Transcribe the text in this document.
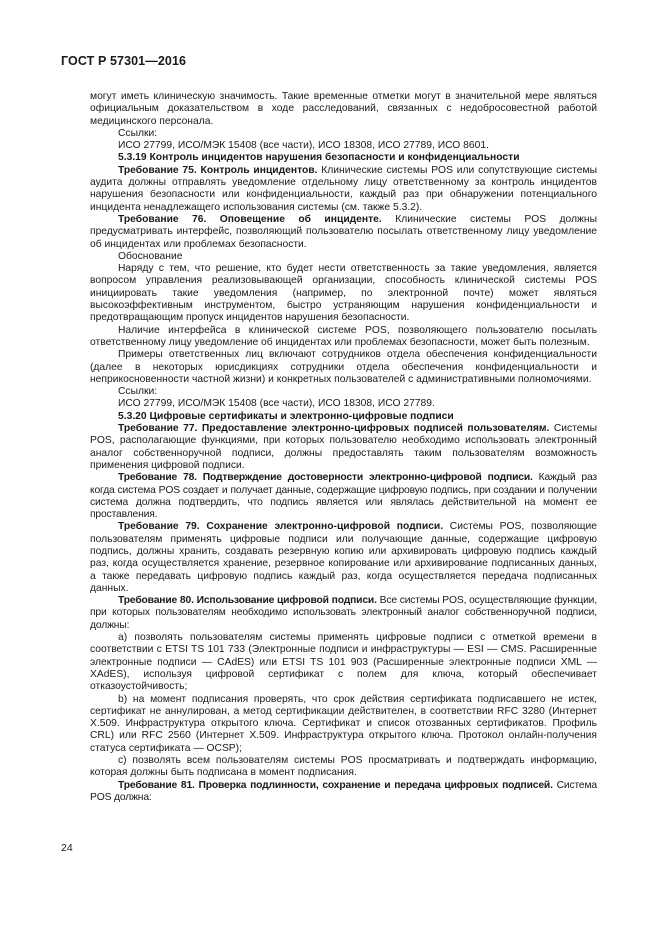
ГОСТ Р 57301—2016

могут иметь клиническую значимость. Такие временные отметки могут в значительной мере являться официальным доказательством в ходе расследований, связанных с недобросовестной работой медицинского персонала.

Ссылки:

ИСО 27799, ИСО/МЭК 15408 (все части), ИСО 18308, ИСО 27789, ИСО 8601.

5.3.19 Контроль инцидентов нарушения безопасности и конфиденциальности

Требование 75. Контроль инцидентов. Клинические системы POS или сопутствующие системы аудита должны отправлять уведомление отдельному лицу ответственному за контроль инцидентов нарушения безопасности или конфиденциальности, каждый раз при обнаружении потенциального инцидента ненадлежащего использования системы (см. также 5.3.2).

Требование 76. Оповещение об инциденте. Клинические системы POS должны предусматривать интерфейс, позволяющий пользователю посылать ответственному лицу уведомление об инцидентах или проблемах безопасности.

Обоснование

Наряду с тем, что решение, кто будет нести ответственность за такие уведомления, является вопросом управления реализовывающей организации, способность клинической системы POS инициировать такие уведомления (например, по электронной почте) может являться высокоэффективным инструментом, быстро устраняющим нарушения конфиденциальности и предотвращающим пропуск инцидентов нарушения безопасности.

Наличие интерфейса в клинической системе POS, позволяющего пользователю посылать ответственному лицу уведомление об инцидентах или проблемах безопасности, может быть полезным.

Примеры ответственных лиц включают сотрудников отдела обеспечения конфиденциальности (далее в некоторых юрисдикциях сотрудники отдела обеспечения конфиденциальности и неприкосновенности частной жизни) и конкретных пользователей с административными полномочиями.

Ссылки:

ИСО 27799, ИСО/МЭК 15408 (все части), ИСО 18308, ИСО 27789.

5.3.20 Цифровые сертификаты и электронно-цифровые подписи

Требование 77. Предоставление электронно-цифровых подписей пользователям. Системы POS, располагающие функциями, при которых пользователю необходимо использовать электронный аналог собственноручной подписи, должны предоставлять таким пользователям возможность применения цифровой подписи.

Требование 78. Подтверждение достоверности электронно-цифровой подписи. Каждый раз когда система POS создает и получает данные, содержащие цифровую подпись, при создании и получении система должна подтвердить, что подпись является или являлась действительной на момент ее проставления.

Требование 79. Сохранение электронно-цифровой подписи. Системы POS, позволяющие пользователям применять цифровые подписи или получающие данные, содержащие цифровую подпись, должны хранить, создавать резервную копию или архивировать цифровую подпись каждый раз, когда осуществляется хранение, резервное копирование или архивирование подписанных данных, а также передавать цифровую подпись каждый раз, когда осуществляется передача подписанных данных.

Требование 80. Использование цифровой подписи. Все системы POS, осуществляющие функции, при которых пользователям необходимо использовать электронный аналог собственноручной подписи, должны:

а) позволять пользователям системы применять цифровые подписи с отметкой времени в соответствии с ETSI TS 101 733 (Электронные подписи и инфраструктуры — ESI — CMS. Расширенные электронные подписи — CAdES) или ETSI TS 101 903 (Расширенные электронные подписи XML — XAdES), используя цифровой сертификат с полем для ключа, который обеспечивает отказоустойчивость;

b) на момент подписания проверять, что срок действия сертификата подписавшего не истек, сертификат не аннулирован, а метод сертификации действителен, в соответствии RFC 3280 (Интернет X.509. Инфраструктура открытого ключа. Сертификат и список отозванных сертификатов. Профиль CRL) или RFC 2560 (Интернет X.509. Инфраструктура открытого ключа. Протокол онлайн-получения статуса сертификата — OCSP);

c) позволять всем пользователям системы POS просматривать и подтверждать информацию, которая должны быть подписана в момент подписания.

Требование 81. Проверка подлинности, сохранение и передача цифровых подписей. Система POS должна:

24
